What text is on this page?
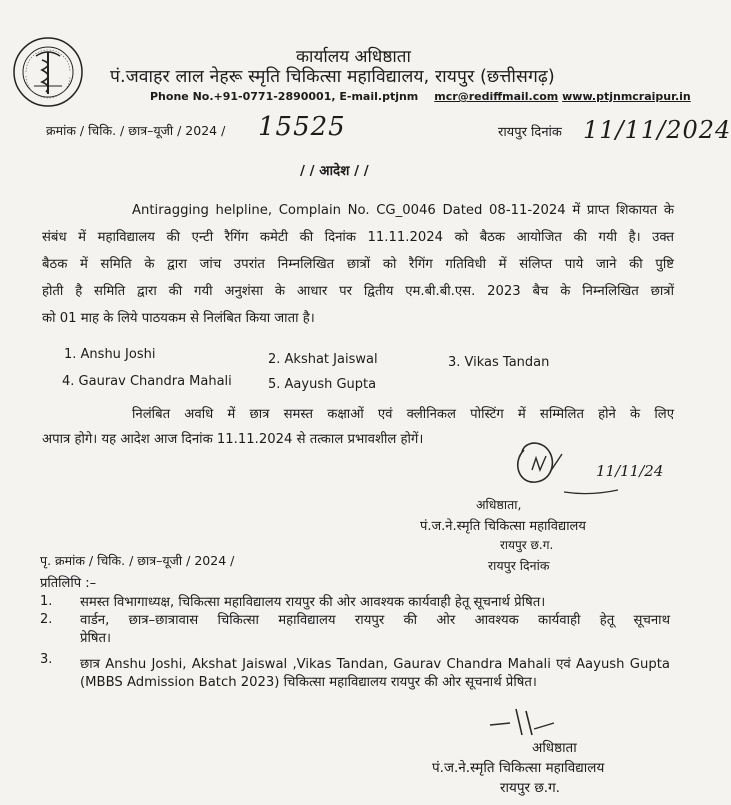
कार्यालय अधिष्ठाता
पं.जवाहर लाल नेहरू स्मृति चिकित्सा महाविद्यालय, रायपुर (छत्तीसगढ़)
Phone No.+91-0771-2890001, E-mail.ptjnm mcr@rediffmail.com www.ptjnmcraipur.in
क्रमांक / चिकि. / छात्र–यूजी / 2024 / 15525	रायपुर दिनांक 11/11/2024
/ / आदेश / /
Antiragging helpline, Complain No. CG_0046 Dated 08-11-2024 में प्राप्त शिकायत के
संबंध में महाविद्यालय की एन्टी रैगिंग कमेटी की दिनांक 11.11.2024 को बैठक आयोजित की गयी है। उक्त
बैठक में समिति के द्वारा जांच उपरांत निम्नलिखित छात्रों को रैगिंग गतिविधी में संलिप्त पाये जाने की पुष्टि
होती है समिति द्वारा की गयी अनुशंसा के आधार पर द्वितीय एम.बी.बी.एस. 2023 बैच के निम्नलिखित छात्रों
को 01 माह के लिये पाठयकम से निलंबित किया जाता है।
1. Anshu Joshi	2. Akshat Jaiswal	3. Vikas Tandan
4. Gaurav Chandra Mahali	5. Aayush Gupta
निलंबित अवधि में छात्र समस्त कक्षाओं एवं क्लीनिकल पोस्टिंग में सम्मिलित होने के लिए
अपात्र होगे। यह आदेश आज दिनांक 11.11.2024 से तत्काल प्रभावशील होगें।
11/11/24
अधिष्ठाता,
पं.ज.ने.स्मृति चिकित्सा महाविद्यालय
रायपुर छ.ग.
रायपुर दिनांक
पृ. क्रमांक / चिकि. / छात्र–यूजी / 2024 /
प्रतिलिपि :–
1. समस्त विभागाध्यक्ष, चिकित्सा महाविद्यालय रायपुर की ओर आवश्यक कार्यवाही हेतू सूचनार्थ प्रेषित।
2. वार्डन, छात्र–छात्रावास चिकित्सा महाविद्यालय रायपुर की ओर आवश्यक कार्यवाही हेतू सूचनाथ
प्रेषित।
3. छात्र Anshu Joshi, Akshat Jaiswal ,Vikas Tandan, Gaurav Chandra Mahali एवं Aayush Gupta
(MBBS Admission Batch 2023) चिकित्सा महाविद्यालय रायपुर की ओर सूचनार्थ प्रेषित।
अधिष्ठाता
पं.ज.ने.स्मृति चिकित्सा महाविद्यालय
रायपुर छ.ग.
